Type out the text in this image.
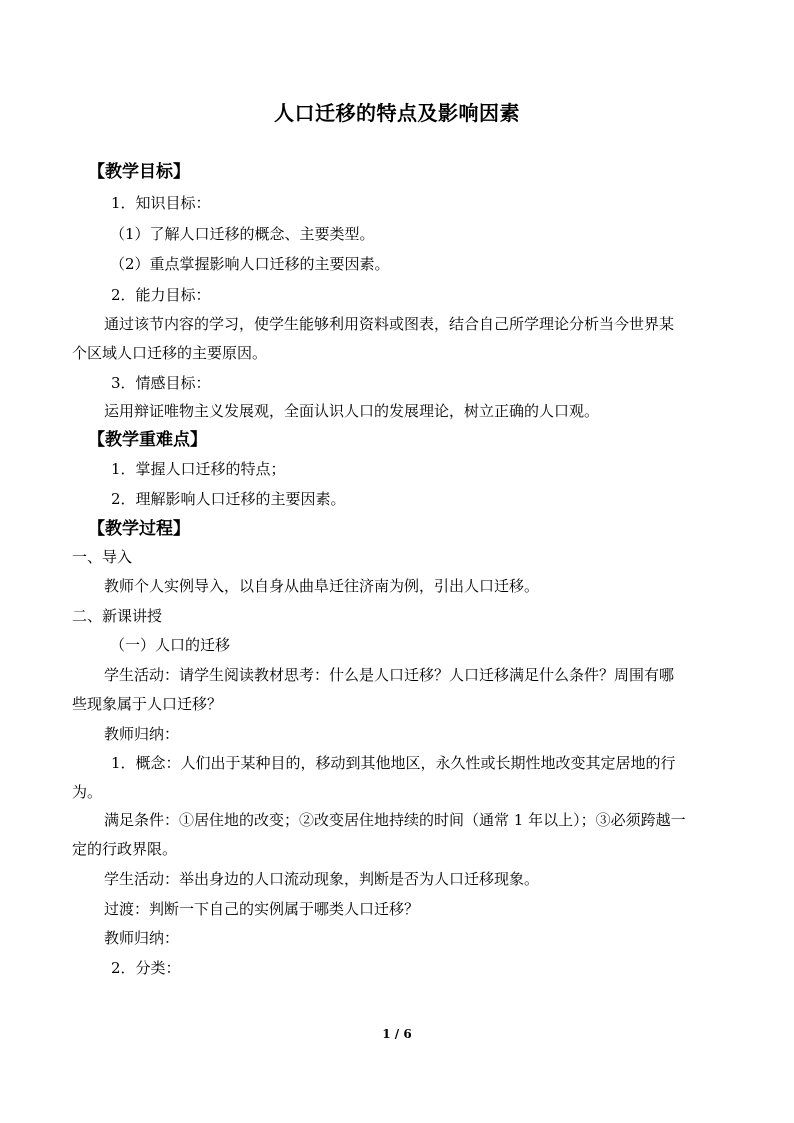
人口迁移的特点及影响因素
【教学目标】
1．知识目标：
（1）了解人口迁移的概念、主要类型。
（2）重点掌握影响人口迁移的主要因素。
2．能力目标：
通过该节内容的学习，使学生能够利用资料或图表，结合自己所学理论分析当今世界某
个区域人口迁移的主要原因。
3．情感目标：
运用辩证唯物主义发展观，全面认识人口的发展理论，树立正确的人口观。
【教学重难点】
1．掌握人口迁移的特点；
2．理解影响人口迁移的主要因素。
【教学过程】
一、导入
教师个人实例导入，以自身从曲阜迁往济南为例，引出人口迁移。
二、新课讲授
（一）人口的迁移
学生活动：请学生阅读教材思考：什么是人口迁移？人口迁移满足什么条件？周围有哪
些现象属于人口迁移？
教师归纳：
1．概念：人们出于某种目的，移动到其他地区，永久性或长期性地改变其定居地的行
为。
满足条件：①居住地的改变；②改变居住地持续的时间（通常 1 年以上）；③必须跨越一
定的行政界限。
学生活动：举出身边的人口流动现象，判断是否为人口迁移现象。
过渡：判断一下自己的实例属于哪类人口迁移？
教师归纳：
2．分类：
1 / 6
